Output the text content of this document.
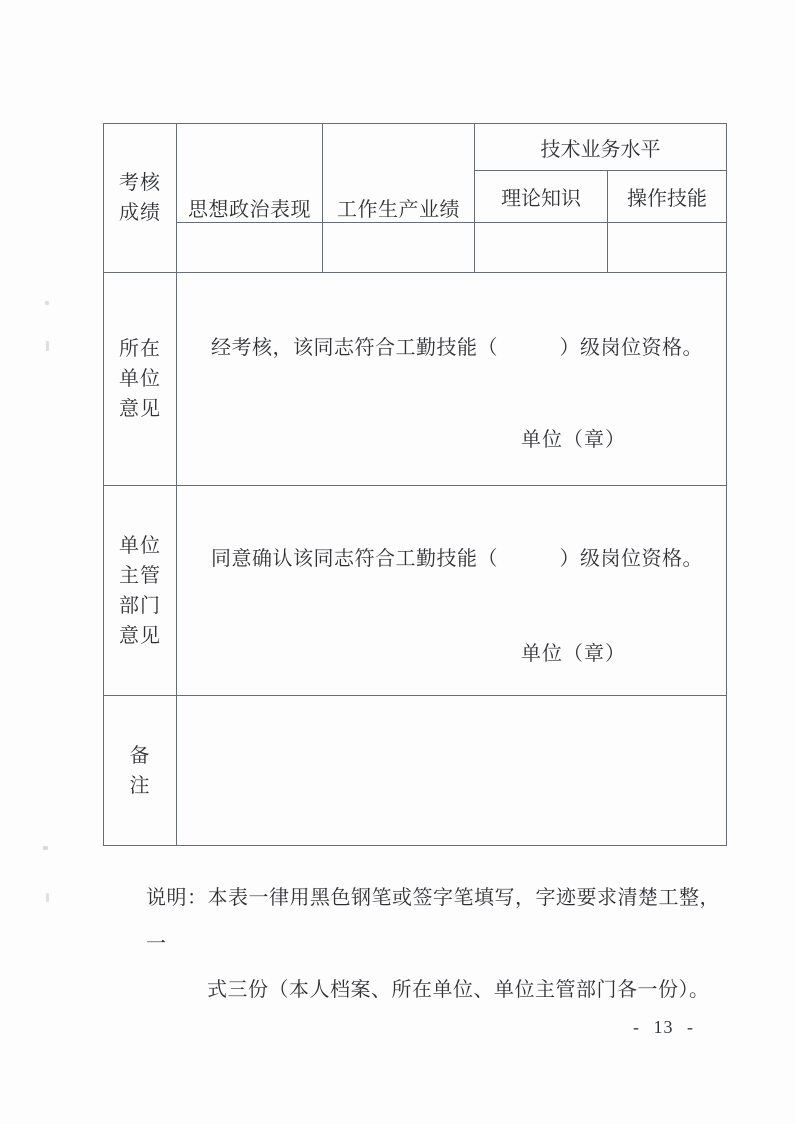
考核成绩	思想政治表现	工作生产业绩	技术业务水平	
			理论知识	操作技能

所在单位意见	经考核，该同志符合工勤技能（　　　）级岗位资格。
单位（章）			

单位主管部门意见	同意确认该同志符合工勤技能（　　　）级岗位资格。
单位（章）			

备注				
说明：本表一律用黑色钢笔或签字笔填写，字迹要求清楚工整，一
式三份（本人档案、所在单位、单位主管部门各一份）。
- 13 -
